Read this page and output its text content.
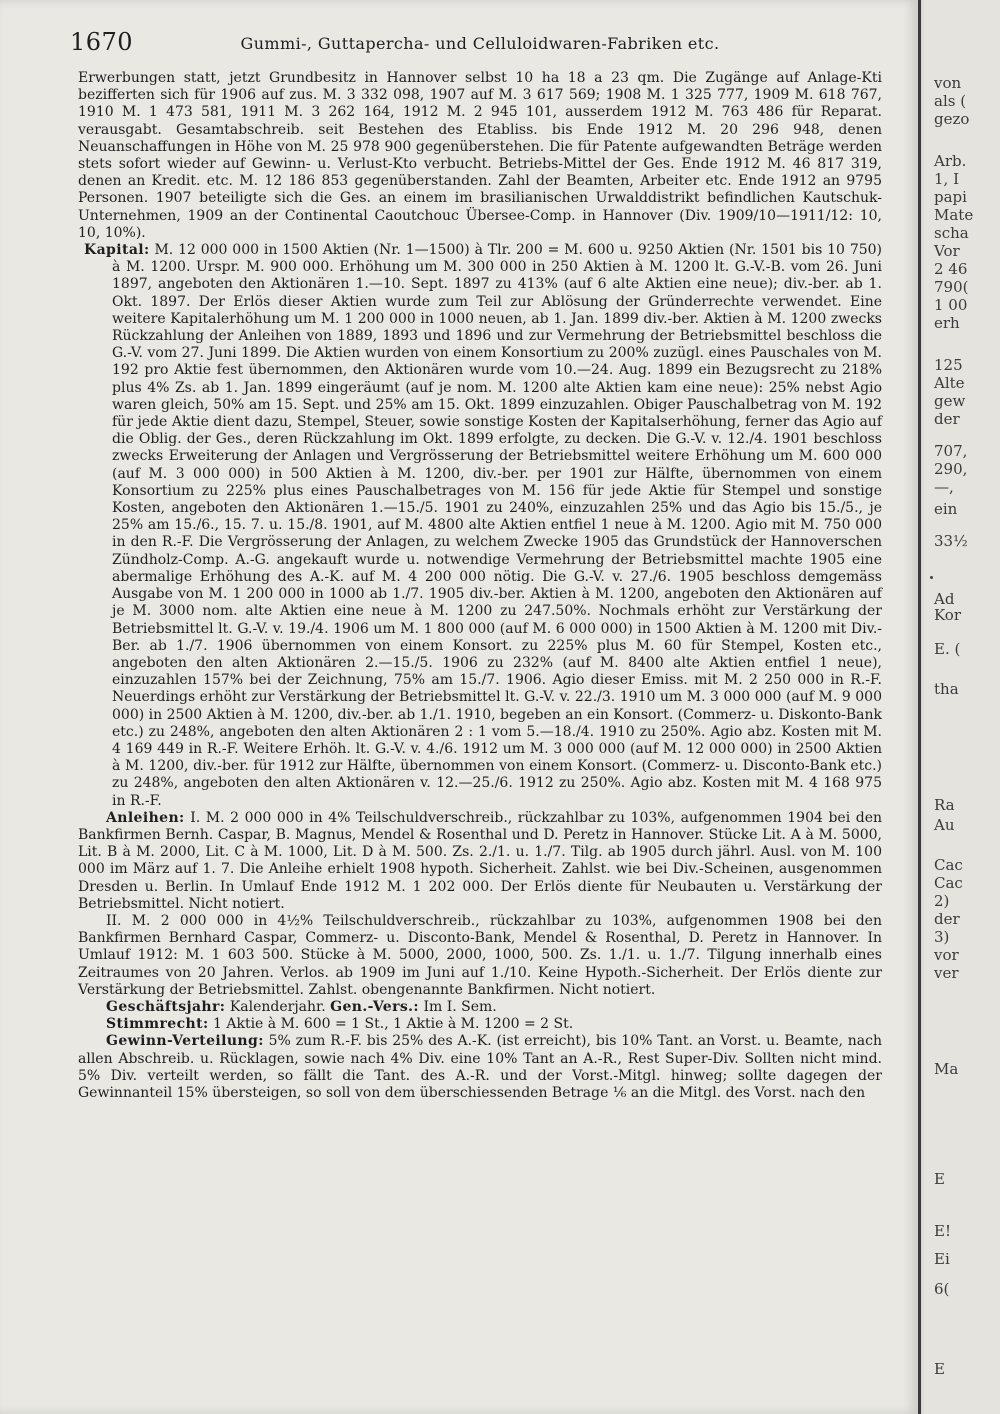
1670	Gummi-, Guttapercha- und Celluloidwaren-Fabriken etc.

Erwerbungen statt, jetzt Grundbesitz in Hannover selbst 10 ha 18 a 23 qm. Die Zugänge auf Anlage-Kti bezifferten sich für 1906 auf zus. M. 3 332 098, 1907 auf M. 3 617 569; 1908 M. 1 325 777, 1909 M. 618 767, 1910 M. 1 473 581, 1911 M. 3 262 164, 1912 M. 2 945 101, ausserdem 1912 M. 763 486 für Reparat. verausgabt. Gesamtabschreib. seit Bestehen des Etabliss. bis Ende 1912 M. 20 296 948, denen Neuanschaffungen in Höhe von M. 25 978 900 gegenüberstehen. Die für Patente aufgewandten Beträge werden stets sofort wieder auf Gewinn- u. Verlust-Kto verbucht. Betriebs-Mittel der Ges. Ende 1912 M. 46 817 319, denen an Kredit. etc. M. 12 186 853 gegenüberstanden. Zahl der Beamten, Arbeiter etc. Ende 1912 an 9795 Personen. 1907 beteiligte sich die Ges. an einem im brasilianischen Urwalddistrikt befindlichen Kautschuk-Unternehmen, 1909 an der Continental Caoutchouc Übersee-Comp. in Hannover (Div. 1909/10—1911/12: 10, 10, 10%).

Kapital: M. 12 000 000 in 1500 Aktien (Nr. 1—1500) à Tlr. 200 = M. 600 u. 9250 Aktien (Nr. 1501 bis 10 750) à M. 1200. Urspr. M. 900 000. Erhöhung um M. 300 000 in 250 Aktien à M. 1200 lt. G.-V.-B. vom 26. Juni 1897, angeboten den Aktionären 1.—10. Sept. 1897 zu 413% (auf 6 alte Aktien eine neue); div.-ber. ab 1. Okt. 1897. Der Erlös dieser Aktien wurde zum Teil zur Ablösung der Gründerrechte verwendet. Eine weitere Kapitalerhöhung um M. 1 200 000 in 1000 neuen, ab 1. Jan. 1899 div.-ber. Aktien à M. 1200 zwecks Rückzahlung der Anleihen von 1889, 1893 und 1896 und zur Vermehrung der Betriebsmittel beschloss die G.-V. vom 27. Juni 1899. Die Aktien wurden von einem Konsortium zu 200% zuzügl. eines Pauschales von M. 192 pro Aktie fest übernommen, den Aktionären wurde vom 10.—24. Aug. 1899 ein Bezugsrecht zu 218% plus 4% Zs. ab 1. Jan. 1899 eingeräumt (auf je nom. M. 1200 alte Aktien kam eine neue): 25% nebst Agio waren gleich, 50% am 15. Sept. und 25% am 15. Okt. 1899 einzuzahlen. Obiger Pauschalbetrag von M. 192 für jede Aktie dient dazu, Stempel, Steuer, sowie sonstige Kosten der Kapitalserhöhung, ferner das Agio auf die Oblig. der Ges., deren Rückzahlung im Okt. 1899 erfolgte, zu decken. Die G.-V. v. 12./4. 1901 beschloss zwecks Erweiterung der Anlagen und Vergrösserung der Betriebsmittel weitere Erhöhung um M. 600 000 (auf M. 3 000 000) in 500 Aktien à M. 1200, div.-ber. per 1901 zur Hälfte, übernommen von einem Konsortium zu 225% plus eines Pauschalbetrages von M. 156 für jede Aktie für Stempel und sonstige Kosten, angeboten den Aktionären 1.—15./5. 1901 zu 240%, einzuzahlen 25% und das Agio bis 15./5., je 25% am 15./6., 15. 7. u. 15./8. 1901, auf M. 4800 alte Aktien entfiel 1 neue à M. 1200. Agio mit M. 750 000 in den R.-F. Die Vergrösserung der Anlagen, zu welchem Zwecke 1905 das Grundstück der Hannoverschen Zündholz-Comp. A.-G. angekauft wurde u. notwendige Vermehrung der Betriebsmittel machte 1905 eine abermalige Erhöhung des A.-K. auf M. 4 200 000 nötig. Die G.-V. v. 27./6. 1905 beschloss demgemäss Ausgabe von M. 1 200 000 in 1000 ab 1./7. 1905 div.-ber. Aktien à M. 1200, angeboten den Aktionären auf je M. 3000 nom. alte Aktien eine neue à M. 1200 zu 247.50%. Nochmals erhöht zur Verstärkung der Betriebsmittel lt. G.-V. v. 19./4. 1906 um M. 1 800 000 (auf M. 6 000 000) in 1500 Aktien à M. 1200 mit Div.-Ber. ab 1./7. 1906 übernommen von einem Konsort. zu 225% plus M. 60 für Stempel, Kosten etc., angeboten den alten Aktionären 2.—15./5. 1906 zu 232% (auf M. 8400 alte Aktien entfiel 1 neue), einzuzahlen 157% bei der Zeichnung, 75% am 15./7. 1906. Agio dieser Emiss. mit M. 2 250 000 in R.-F. Neuerdings erhöht zur Verstärkung der Betriebsmittel lt. G.-V. v. 22./3. 1910 um M. 3 000 000 (auf M. 9 000 000) in 2500 Aktien à M. 1200, div.-ber. ab 1./1. 1910, begeben an ein Konsort. (Commerz- u. Diskonto-Bank etc.) zu 248%, angeboten den alten Aktionären 2 : 1 vom 5.—18./4. 1910 zu 250%. Agio abz. Kosten mit M. 4 169 449 in R.-F. Weitere Erhöh. lt. G.-V. v. 4./6. 1912 um M. 3 000 000 (auf M. 12 000 000) in 2500 Aktien à M. 1200, div.-ber. für 1912 zur Hälfte, übernommen von einem Konsort. (Commerz- u. Disconto-Bank etc.) zu 248%, angeboten den alten Aktionären v. 12.—25./6. 1912 zu 250%. Agio abz. Kosten mit M. 4 168 975 in R.-F.

Anleihen: I. M. 2 000 000 in 4% Teilschuldverschreib., rückzahlbar zu 103%, aufgenommen 1904 bei den Bankfirmen Bernh. Caspar, B. Magnus, Mendel & Rosenthal und D. Peretz in Hannover. Stücke Lit. A à M. 5000, Lit. B à M. 2000, Lit. C à M. 1000, Lit. D à M. 500. Zs. 2./1. u. 1./7. Tilg. ab 1905 durch jährl. Ausl. von M. 100 000 im März auf 1. 7. Die Anleihe erhielt 1908 hypoth. Sicherheit. Zahlst. wie bei Div.-Scheinen, ausgenommen Dresden u. Berlin. In Umlauf Ende 1912 M. 1 202 000. Der Erlös diente für Neubauten u. Verstärkung der Betriebsmittel. Nicht notiert.

II. M. 2 000 000 in 4½% Teilschuldverschreib., rückzahlbar zu 103%, aufgenommen 1908 bei den Bankfirmen Bernhard Caspar, Commerz- u. Disconto-Bank, Mendel & Rosenthal, D. Peretz in Hannover. In Umlauf 1912: M. 1 603 500. Stücke à M. 5000, 2000, 1000, 500. Zs. 1./1. u. 1./7. Tilgung innerhalb eines Zeitraumes von 20 Jahren. Verlos. ab 1909 im Juni auf 1./10. Keine Hypoth.-Sicherheit. Der Erlös diente zur Verstärkung der Betriebsmittel. Zahlst. obengenannte Bankfirmen. Nicht notiert.

Geschäftsjahr: Kalenderjahr. Gen.-Vers.: Im I. Sem.

Stimmrecht: 1 Aktie à M. 600 = 1 St., 1 Aktie à M. 1200 = 2 St.

Gewinn-Verteilung: 5% zum R.-F. bis 25% des A.-K. (ist erreicht), bis 10% Tant. an Vorst. u. Beamte, nach allen Abschreib. u. Rücklagen, sowie nach 4% Div. eine 10% Tant an A.-R., Rest Super-Div. Sollten nicht mind. 5% Div. verteilt werden, so fällt die Tant. des A.-R. und der Vorst.-Mitgl. hinweg; sollte dagegen der Gewinnanteil 15% übersteigen, so soll von dem überschiessenden Betrage ⅙ an die Mitgl. des Vorst. nach den

von
als (
gezo
Arb.
1, I
papi
Mate
scha
Vor
2 46
790(
1 00
erh
125
Alte
gew
der
707,
290,
—,
ein
33½
Ad
Kor
E. (
tha
Ra
Au
Cac
Cac
2)
der
3)
vor
ver
Ma
E
6(
Ε
E!
Ei
